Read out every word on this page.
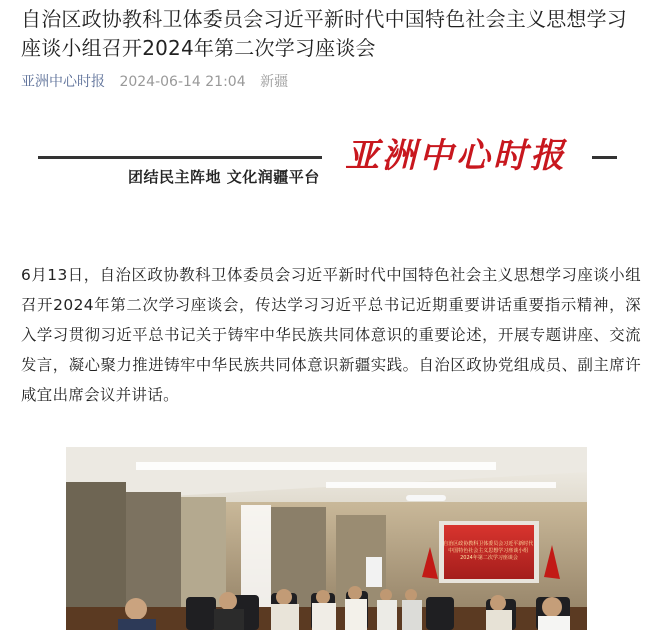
自治区政协教科卫体委员会习近平新时代中国特色社会主义思想学习座谈小组召开2024年第二次学习座谈会
亚洲中心时报 2024-06-14 21:04 新疆
亚洲中心时报
团结民主阵地 文化润疆平台

6月13日，自治区政协教科卫体委员会习近平新时代中国特色社会主义思想学习座谈小组召开2024年第二次学习座谈会，传达学习习近平总书记近期重要讲话重要指示精神，深入学习贯彻习近平总书记关于铸牢中华民族共同体意识的重要论述，开展专题讲座、交流发言，凝心聚力推进铸牢中华民族共同体意识新疆实践。自治区政协党组成员、副主席许咸宜出席会议并讲话。

自治区政协教科卫体委员会习近平新时代 中国特色社会主义思想学习座谈小组 2024年第二次学习座谈会
